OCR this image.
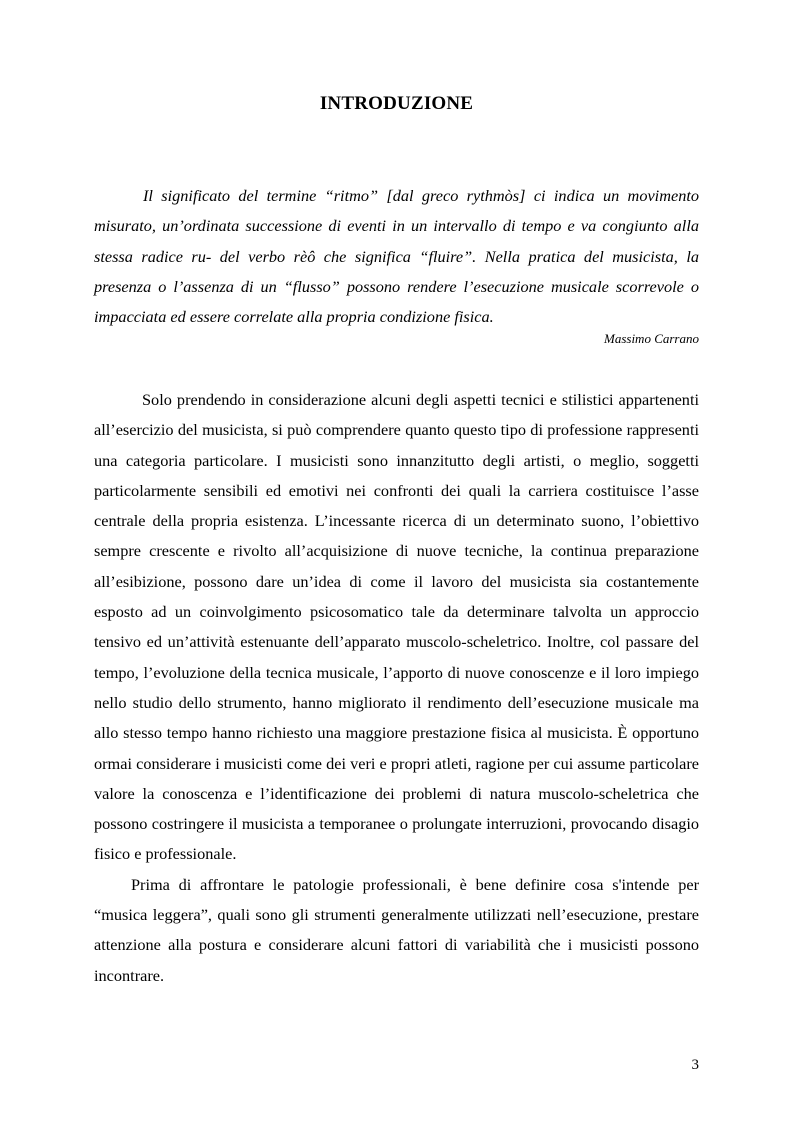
INTRODUZIONE

Il significato del termine “ritmo” [dal greco rythmòs] ci indica un movimento misurato, un’ordinata successione di eventi in un intervallo di tempo e va congiunto alla stessa radice ru- del verbo rèô che significa “fluire”. Nella pratica del musicista, la presenza o l’assenza di un “flusso” possono rendere l’esecuzione musicale scorrevole o impacciata ed essere correlate alla propria condizione fisica.

Massimo Carrano

Solo prendendo in considerazione alcuni degli aspetti tecnici e stilistici appartenenti all’esercizio del musicista, si può comprendere quanto questo tipo di professione rappresenti una categoria particolare. I musicisti sono innanzitutto degli artisti, o meglio, soggetti particolarmente sensibili ed emotivi nei confronti dei quali la carriera costituisce l’asse centrale della propria esistenza. L’incessante ricerca di un determinato suono, l’obiettivo sempre crescente e rivolto all’acquisizione di nuove tecniche, la continua preparazione all’esibizione, possono dare un’idea di come il lavoro del musicista sia costantemente esposto ad un coinvolgimento psicosomatico tale da determinare talvolta un approccio tensivo ed un’attività estenuante dell’apparato muscolo-scheletrico. Inoltre, col passare del tempo, l’evoluzione della tecnica musicale, l’apporto di nuove conoscenze e il loro impiego nello studio dello strumento, hanno migliorato il rendimento dell’esecuzione musicale ma allo stesso tempo hanno richiesto una maggiore prestazione fisica al musicista. È opportuno ormai considerare i musicisti come dei veri e propri atleti, ragione per cui assume particolare valore la conoscenza e l’identificazione dei problemi di natura muscolo-scheletrica che possono costringere il musicista a temporanee o prolungate interruzioni, provocando disagio fisico e professionale.

Prima di affrontare le patologie professionali, è bene definire cosa s'intende per “musica leggera”, quali sono gli strumenti generalmente utilizzati nell’esecuzione, prestare attenzione alla postura e considerare alcuni fattori di variabilità che i musicisti possono incontrare.

3
